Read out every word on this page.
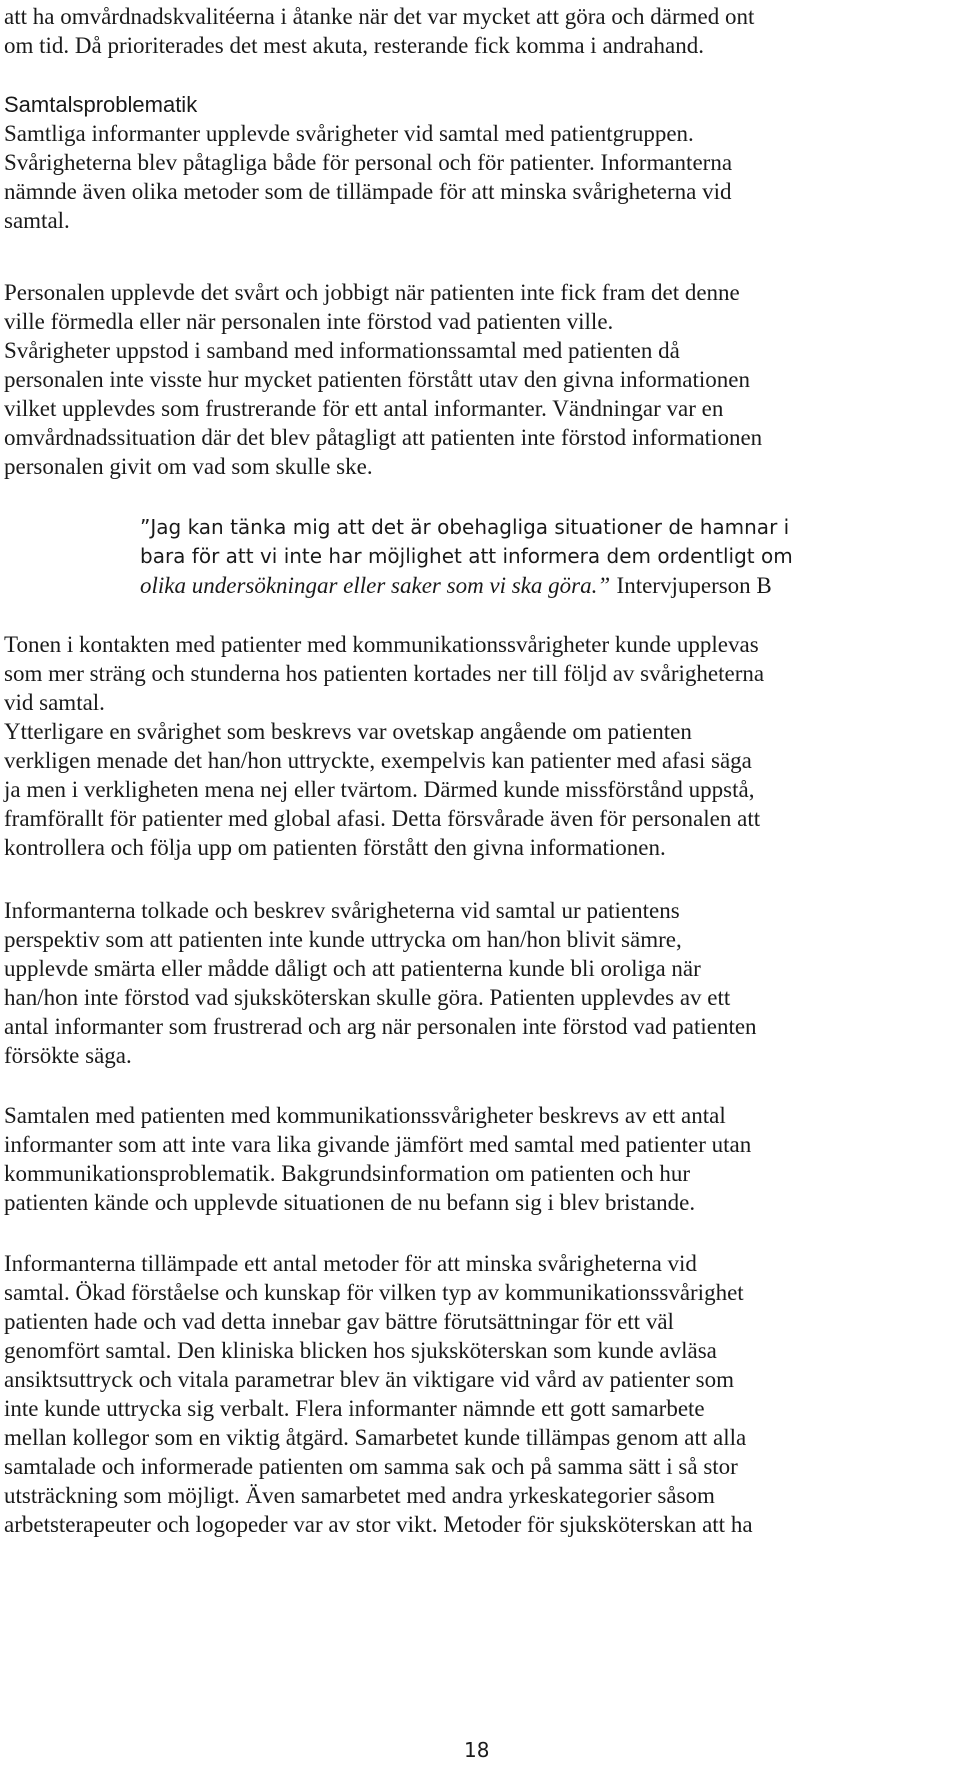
att ha omvårdnadskvalitéerna i åtanke när det var mycket att göra och därmed ont
om tid. Då prioriterades det mest akuta, resterande fick komma i andrahand.
Samtalsproblematik
Samtliga informanter upplevde svårigheter vid samtal med patientgruppen.
Svårigheterna blev påtagliga både för personal och för patienter. Informanterna
nämnde även olika metoder som de tillämpade för att minska svårigheterna vid
samtal.
Personalen upplevde det svårt och jobbigt när patienten inte fick fram det denne
ville förmedla eller när personalen inte förstod vad patienten ville.
Svårigheter uppstod i samband med informationssamtal med patienten då
personalen inte visste hur mycket patienten förstått utav den givna informationen
vilket upplevdes som frustrerande för ett antal informanter. Vändningar var en
omvårdnadssituation där det blev påtagligt att patienten inte förstod informationen
personalen givit om vad som skulle ske.
”Jag kan tänka mig att det är obehagliga situationer de hamnar i
bara för att vi inte har möjlighet att informera dem ordentligt om
olika undersökningar eller saker som vi ska göra.” Intervjuperson B
Tonen i kontakten med patienter med kommunikationssvårigheter kunde upplevas
som mer sträng och stunderna hos patienten kortades ner till följd av svårigheterna
vid samtal.
Ytterligare en svårighet som beskrevs var ovetskap angående om patienten
verkligen menade det han/hon uttryckte, exempelvis kan patienter med afasi säga
ja men i verkligheten mena nej eller tvärtom. Därmed kunde missförstånd uppstå,
framförallt för patienter med global afasi. Detta försvårade även för personalen att
kontrollera och följa upp om patienten förstått den givna informationen.
Informanterna tolkade och beskrev svårigheterna vid samtal ur patientens
perspektiv som att patienten inte kunde uttrycka om han/hon blivit sämre,
upplevde smärta eller mådde dåligt och att patienterna kunde bli oroliga när
han/hon inte förstod vad sjuksköterskan skulle göra. Patienten upplevdes av ett
antal informanter som frustrerad och arg när personalen inte förstod vad patienten
försökte säga.
Samtalen med patienten med kommunikationssvårigheter beskrevs av ett antal
informanter som att inte vara lika givande jämfört med samtal med patienter utan
kommunikationsproblematik. Bakgrundsinformation om patienten och hur
patienten kände och upplevde situationen de nu befann sig i blev bristande.
Informanterna tillämpade ett antal metoder för att minska svårigheterna vid
samtal. Ökad förståelse och kunskap för vilken typ av kommunikationssvårighet
patienten hade och vad detta innebar gav bättre förutsättningar för ett väl
genomfört samtal. Den kliniska blicken hos sjuksköterskan som kunde avläsa
ansiktsuttryck och vitala parametrar blev än viktigare vid vård av patienter som
inte kunde uttrycka sig verbalt. Flera informanter nämnde ett gott samarbete
mellan kollegor som en viktig åtgärd. Samarbetet kunde tillämpas genom att alla
samtalade och informerade patienten om samma sak och på samma sätt i så stor
utsträckning som möjligt. Även samarbetet med andra yrkeskategorier såsom
arbetsterapeuter och logopeder var av stor vikt. Metoder för sjuksköterskan att ha
18
